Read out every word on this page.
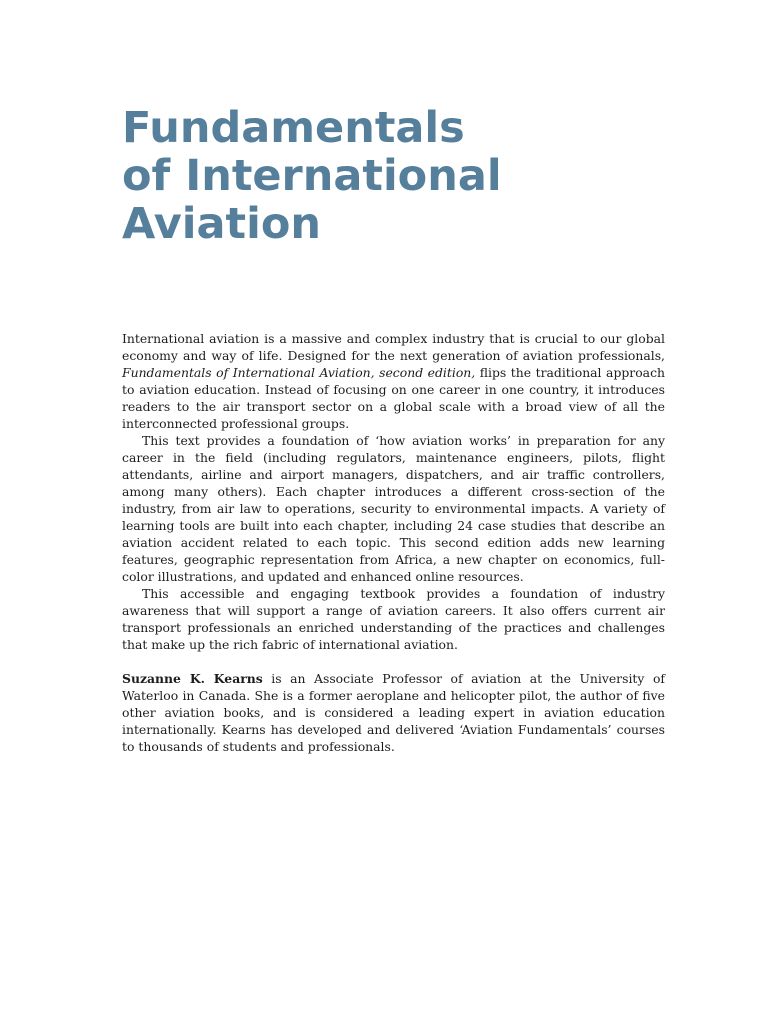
Fundamentals
of International
Aviation

International aviation is a massive and complex industry that is crucial to our global economy and way of life. Designed for the next generation of aviation professionals, Fundamentals of International Aviation, second edition, flips the traditional approach to aviation education. Instead of focusing on one career in one country, it introduces readers to the air transport sector on a global scale with a broad view of all the interconnected professional groups.

This text provides a foundation of ‘how aviation works’ in preparation for any career in the field (including regulators, maintenance engineers, pilots, flight attendants, airline and airport managers, dispatchers, and air traffic controllers, among many others). Each chapter introduces a different cross-section of the industry, from air law to operations, security to environmental impacts. A variety of learning tools are built into each chapter, including 24 case studies that describe an aviation accident related to each topic. This second edition adds new learning features, geographic representation from Africa, a new chapter on economics, full-color illustrations, and updated and enhanced online resources.

This accessible and engaging textbook provides a foundation of industry awareness that will support a range of aviation careers. It also offers current air transport professionals an enriched understanding of the practices and challenges that make up the rich fabric of international aviation.

Suzanne K. Kearns is an Associate Professor of aviation at the University of Waterloo in Canada. She is a former aeroplane and helicopter pilot, the author of five other aviation books, and is considered a leading expert in aviation education internationally. Kearns has developed and delivered ‘Aviation Fundamentals’ courses to thousands of students and professionals.
